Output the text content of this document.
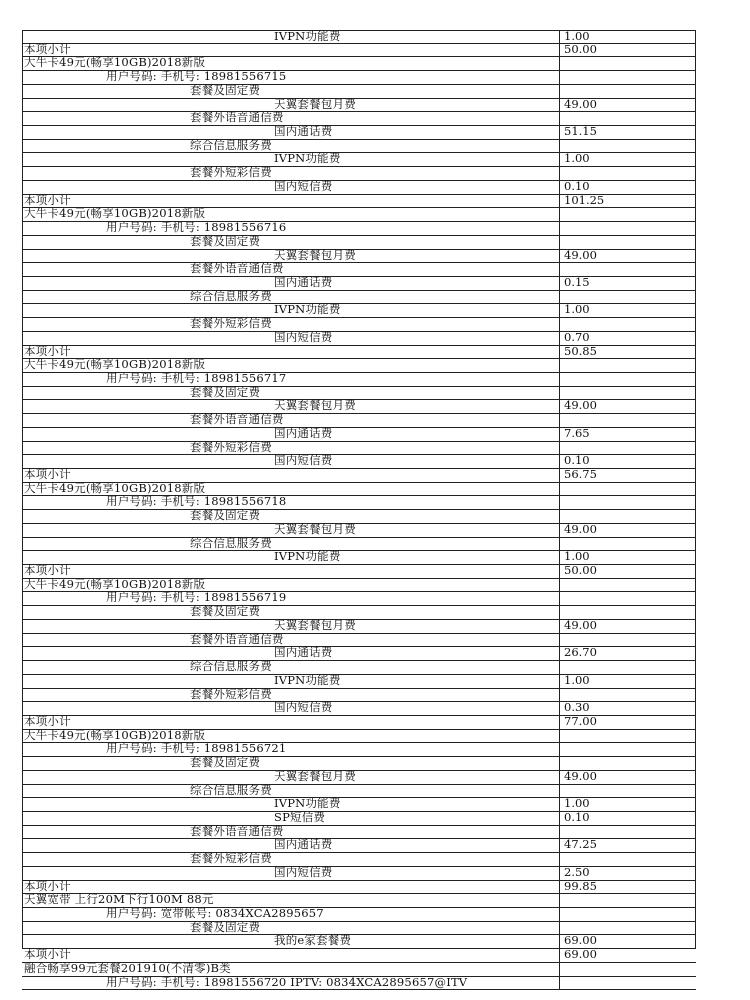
IVPN功能费	1.00
本项小计	50.00
大牛卡49元(畅享10GB)2018新版
用户号码: 手机号: 18981556715
套餐及固定费
天翼套餐包月费	49.00
套餐外语音通信费
国内通话费	51.15
综合信息服务费
IVPN功能费	1.00
套餐外短彩信费
国内短信费	0.10
本项小计	101.25
大牛卡49元(畅享10GB)2018新版
用户号码: 手机号: 18981556716
套餐及固定费
天翼套餐包月费	49.00
套餐外语音通信费
国内通话费	0.15
综合信息服务费
IVPN功能费	1.00
套餐外短彩信费
国内短信费	0.70
本项小计	50.85
大牛卡49元(畅享10GB)2018新版
用户号码: 手机号: 18981556717
套餐及固定费
天翼套餐包月费	49.00
套餐外语音通信费
国内通话费	7.65
套餐外短彩信费
国内短信费	0.10
本项小计	56.75
大牛卡49元(畅享10GB)2018新版
用户号码: 手机号: 18981556718
套餐及固定费
天翼套餐包月费	49.00
综合信息服务费
IVPN功能费	1.00
本项小计	50.00
大牛卡49元(畅享10GB)2018新版
用户号码: 手机号: 18981556719
套餐及固定费
天翼套餐包月费	49.00
套餐外语音通信费
国内通话费	26.70
综合信息服务费
IVPN功能费	1.00
套餐外短彩信费
国内短信费	0.30
本项小计	77.00
大牛卡49元(畅享10GB)2018新版
用户号码: 手机号: 18981556721
套餐及固定费
天翼套餐包月费	49.00
综合信息服务费
IVPN功能费	1.00
SP短信费	0.10
套餐外语音通信费
国内通话费	47.25
套餐外短彩信费
国内短信费	2.50
本项小计	99.85
天翼宽带 上行20M下行100M 88元
用户号码: 宽带帐号: 0834XCA2895657
套餐及固定费
我的e家套餐费	69.00
本项小计	69.00
融合畅享99元套餐201910(不清零)B类
用户号码: 手机号: 18981556720 IPTV: 0834XCA2895657@ITV
